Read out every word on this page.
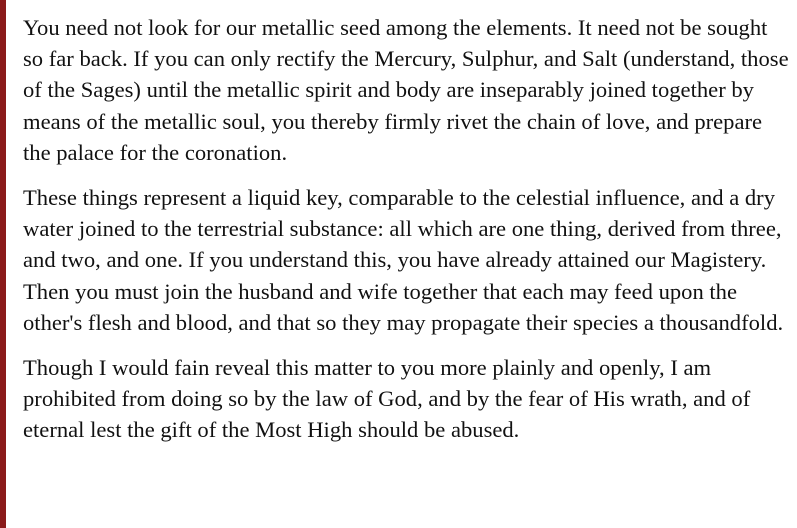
You need not look for our metallic seed among the elements. It need not be sought so far back. If you can only rectify the Mercury, Sulphur, and Salt (understand, those of the Sages) until the metallic spirit and body are inseparably joined together by means of the metallic soul, you thereby firmly rivet the chain of love, and prepare the palace for the coronation.

These things represent a liquid key, comparable to the celestial influence, and a dry water joined to the terrestrial substance: all which are one thing, derived from three, and two, and one. If you understand this, you have already attained our Magistery. Then you must join the husband and wife together that each may feed upon the other's flesh and blood, and that so they may propagate their species a thousandfold.

Though I would fain reveal this matter to you more plainly and openly, I am prohibited from doing so by the law of God, and by the fear of His wrath, and of eternal lest the gift of the Most High should be abused.
